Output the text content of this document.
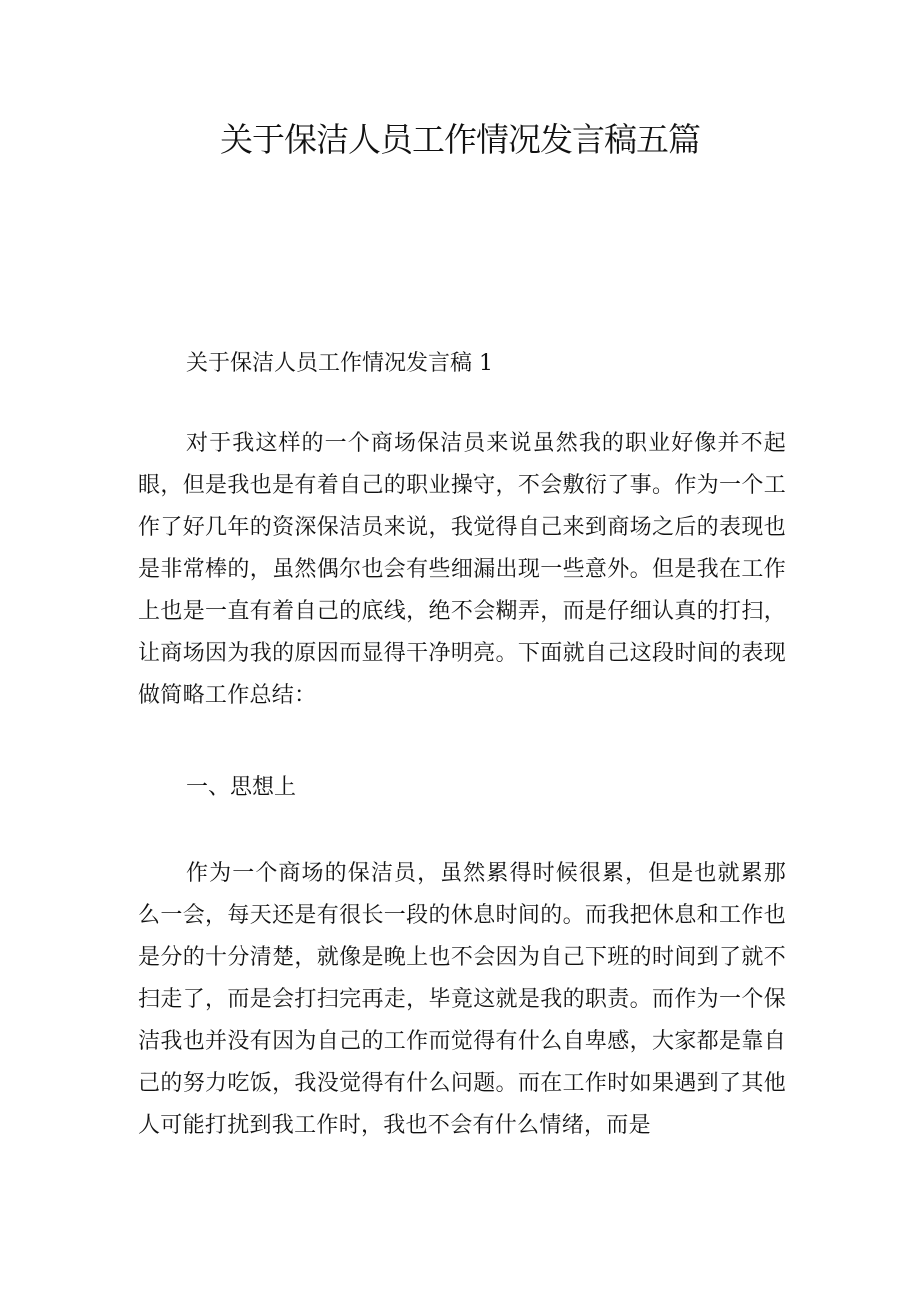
关于保洁人员工作情况发言稿五篇

关于保洁人员工作情况发言稿 1

对于我这样的一个商场保洁员来说虽然我的职业好像并不起眼，但是我也是有着自己的职业操守，不会敷衍了事。作为一个工作了好几年的资深保洁员来说，我觉得自己来到商场之后的表现也是非常棒的，虽然偶尔也会有些细漏出现一些意外。但是我在工作上也是一直有着自己的底线，绝不会糊弄，而是仔细认真的打扫，让商场因为我的原因而显得干净明亮。下面就自己这段时间的表现做简略工作总结：

一、思想上

作为一个商场的保洁员，虽然累得时候很累，但是也就累那么一会，每天还是有很长一段的休息时间的。而我把休息和工作也是分的十分清楚，就像是晚上也不会因为自己下班的时间到了就不扫走了，而是会打扫完再走，毕竟这就是我的职责。而作为一个保洁我也并没有因为自己的工作而觉得有什么自卑感，大家都是靠自己的努力吃饭，我没觉得有什么问题。而在工作时如果遇到了其他人可能打扰到我工作时，我也不会有什么情绪，而是
